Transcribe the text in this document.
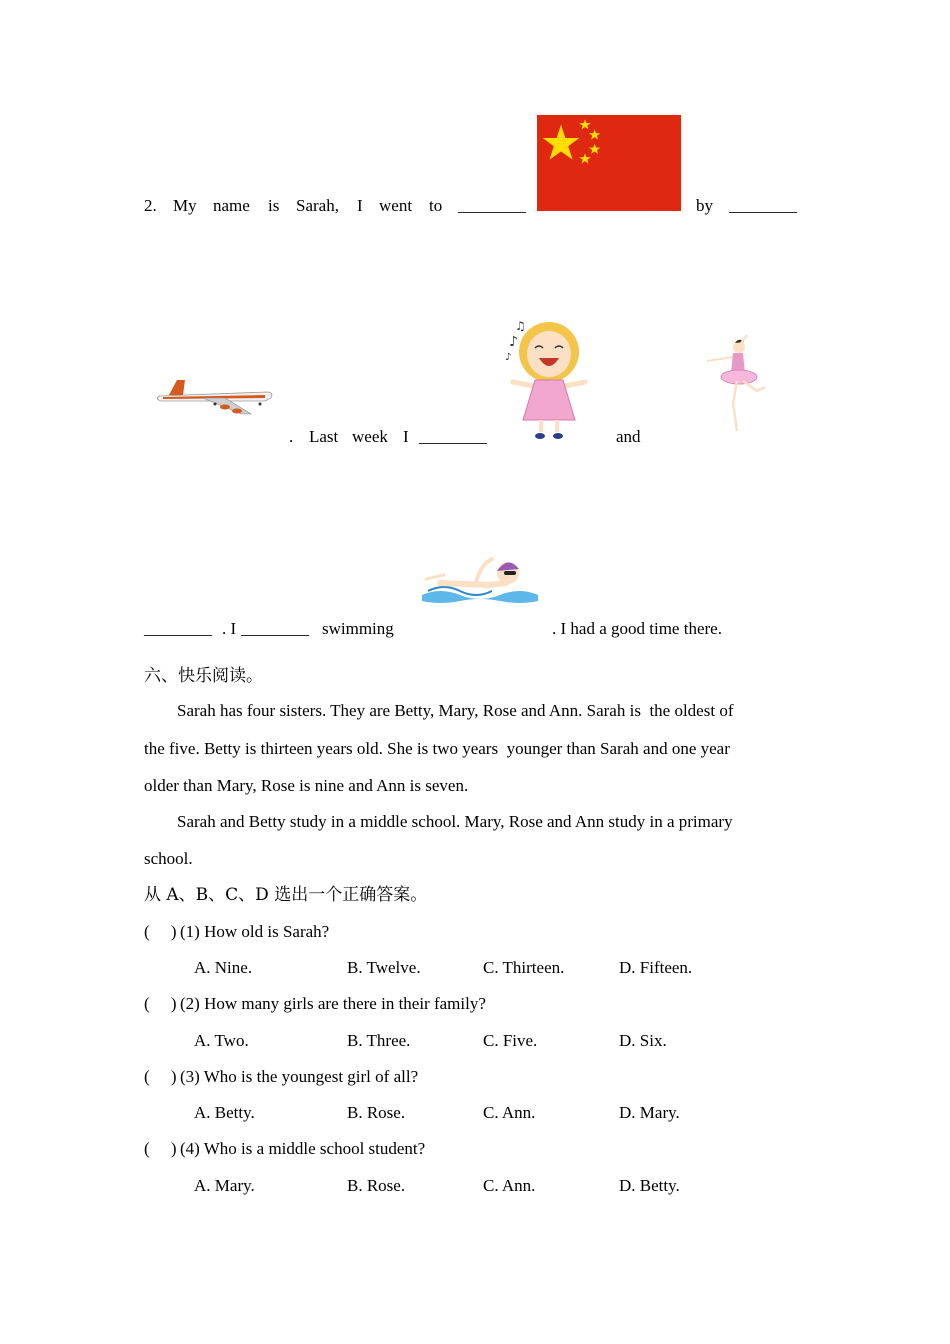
2. My name is Sarah, I went to ________	by ________
. Last week I ________
♪
♫
♪
and
________ . I ________ swimming	. I had a good time there.
六、快乐阅读。
Sarah has four sisters. They are Betty, Mary, Rose and Ann. Sarah is  the oldest of
the five. Betty is thirteen years old. She is two years  younger than Sarah and one year
older than Mary, Rose is nine and Ann is seven.
Sarah and Betty study in a middle school. Mary, Rose and Ann study in a primary
school.
从 A、B、C、D 选出一个正确答案。
(     ) (1) How old is Sarah?
A. Nine.	B. Twelve.	C. Thirteen.	D. Fifteen.
(     ) (2) How many girls are there in their family?
A. Two.	B. Three.	C. Five.	D. Six.
(     ) (3) Who is the youngest girl of all?
A. Betty.	B. Rose.	C. Ann.	D. Mary.
(     ) (4) Who is a middle school student?
A. Mary.	B. Rose.	C. Ann.	D. Betty.
